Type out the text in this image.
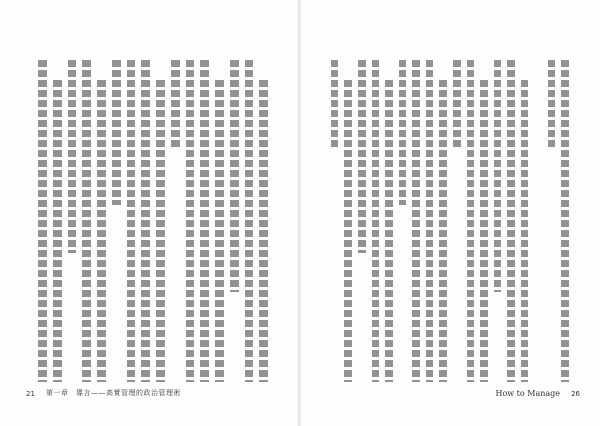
21 第一章　導言——高實管理的政治管理術	How to Manage 26
